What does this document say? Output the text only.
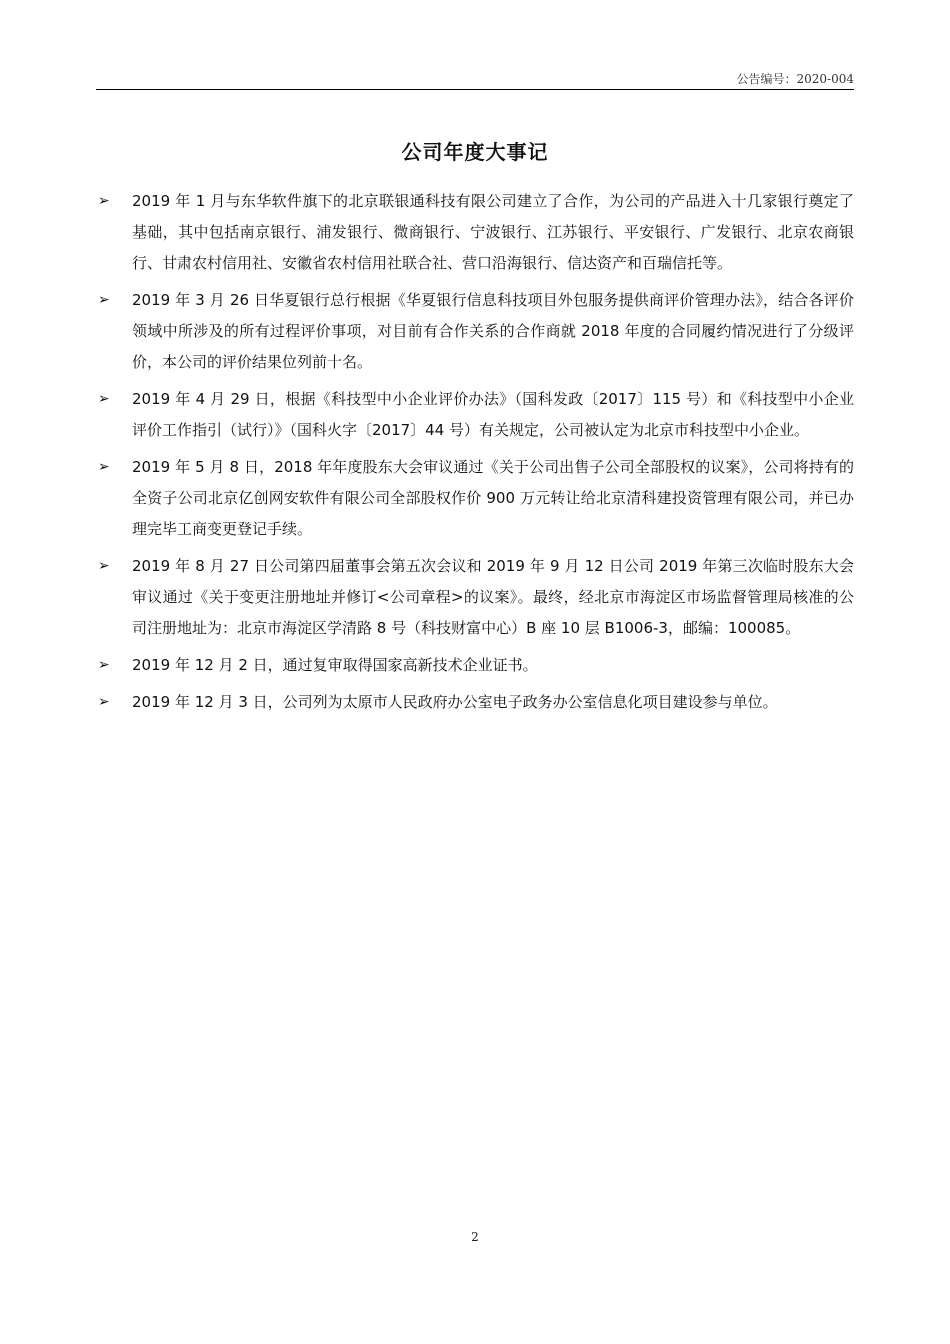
公告编号：2020-004
公司年度大事记
➢ 2019 年 1 月与东华软件旗下的北京联银通科技有限公司建立了合作，为公司的产品进入十几家银行奠定了基础，其中包括南京银行、浦发银行、微商银行、宁波银行、江苏银行、平安银行、广发银行、北京农商银行、甘肃农村信用社、安徽省农村信用社联合社、营口沿海银行、信达资产和百瑞信托等。
➢ 2019 年 3 月 26 日华夏银行总行根据《华夏银行信息科技项目外包服务提供商评价管理办法》，结合各评价领域中所涉及的所有过程评价事项，对目前有合作关系的合作商就 2018 年度的合同履约情况进行了分级评价，本公司的评价结果位列前十名。
➢ 2019 年 4 月 29 日，根据《科技型中小企业评价办法》（国科发政〔2017〕115 号）和《科技型中小企业评价工作指引（试行）》（国科火字〔2017〕44 号）有关规定，公司被认定为北京市科技型中小企业。
➢ 2019 年 5 月 8 日，2018 年年度股东大会审议通过《关于公司出售子公司全部股权的议案》，公司将持有的全资子公司北京亿创网安软件有限公司全部股权作价 900 万元转让给北京清科建投资管理有限公司，并已办理完毕工商变更登记手续。
➢ 2019 年 8 月 27 日公司第四届董事会第五次会议和 2019 年 9 月 12 日公司 2019 年第三次临时股东大会审议通过《关于变更注册地址并修订<公司章程>的议案》。最终，经北京市海淀区市场监督管理局核准的公司注册地址为：北京市海淀区学清路 8 号（科技财富中心）B 座 10 层 B1006-3，邮编：100085。
➢ 2019 年 12 月 2 日，通过复审取得国家高新技术企业证书。
➢ 2019 年 12 月 3 日，公司列为太原市人民政府办公室电子政务办公室信息化项目建设参与单位。
2
